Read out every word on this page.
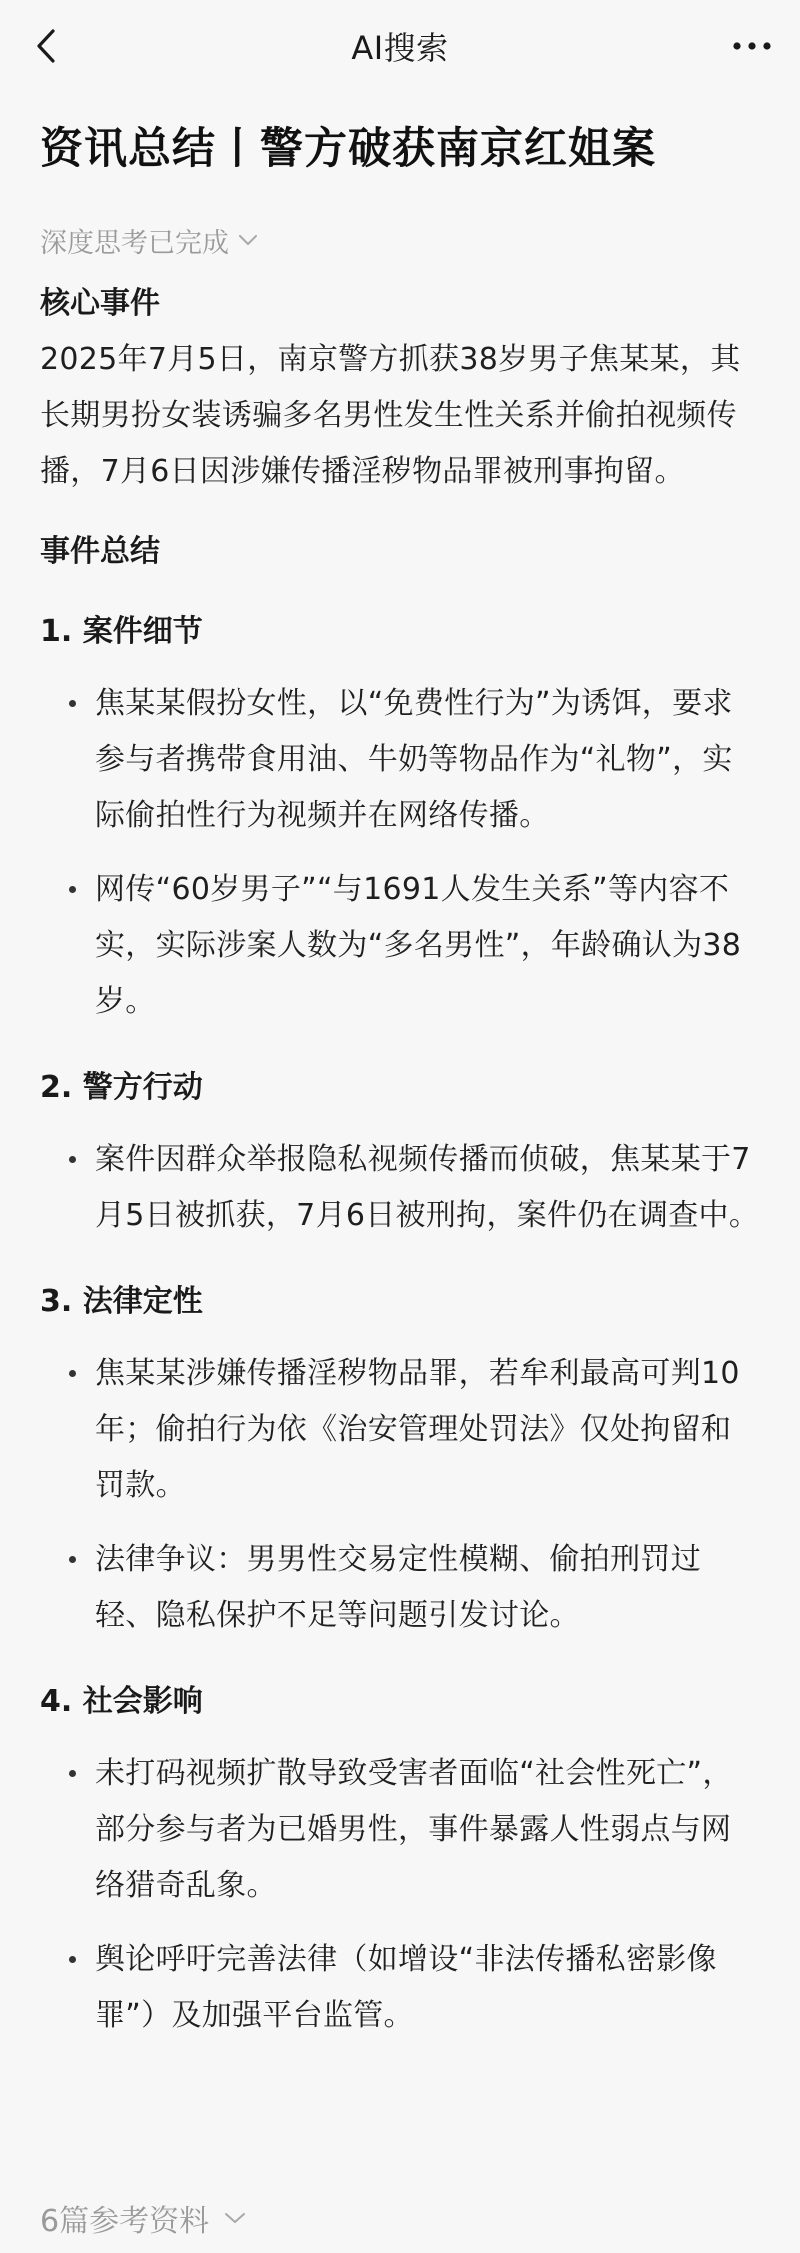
AI搜索
资讯总结丨警方破获南京红姐案
深度思考已完成
核心事件

2025年7月5日，南京警方抓获38岁男子焦某某，其长期男扮女装诱骗多名男性发生性关系并偷拍视频传播，7月6日因涉嫌传播淫秽物品罪被刑事拘留。

事件总结
1. 案件细节
焦某某假扮女性，以“免费性行为”为诱饵，要求参与者携带食用油、牛奶等物品作为“礼物”，实际偷拍性行为视频并在网络传播。
网传“60岁男子”“与1691人发生关系”等内容不实，实际涉案人数为“多名男性”，年龄确认为38岁。
2. 警方行动
案件因群众举报隐私视频传播而侦破，焦某某于7月5日被抓获，7月6日被刑拘，案件仍在调查中。
3. 法律定性
焦某某涉嫌传播淫秽物品罪，若牟利最高可判10年；偷拍行为依《治安管理处罚法》仅处拘留和罚款。
法律争议：男男性交易定性模糊、偷拍刑罚过轻、隐私保护不足等问题引发讨论。
4. 社会影响
未打码视频扩散导致受害者面临“社会性死亡”，部分参与者为已婚男性，事件暴露人性弱点与网络猎奇乱象。
舆论呼吁完善法律（如增设“非法传播私密影像罪”）及加强平台监管。
6篇参考资料
